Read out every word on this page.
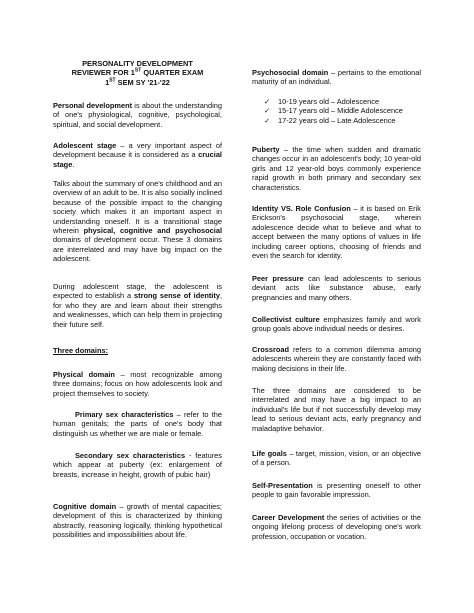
PERSONALITY DEVELOPMENT
REVIEWER FOR 1ST QUARTER EXAM
1ST SEM SY '21-'22

Personal development is about the understanding of one's physiological, cognitive, psychological, spiritual, and social development.

Adolescent stage – a very important aspect of development because it is considered as a crucial stage.

Talks about the summary of one's childhood and an overview of an adult to be. It is also socially inclined because of the possible impact to the changing society which makes it an important aspect in understanding oneself. It is a transitional stage wherein physical, cognitive and psychosocial domains of development occur. These 3 domains are interrelated and may have big impact on the adolescent.

During adolescent stage, the adolescent is expected to establish a strong sense of identity, for who they are and learn about their strengths and weaknesses, which can help them in projecting their future self.

Three domains:

Physical domain – most recognizable among three domains; focus on how adolescents look and project themselves to society.

Primary sex characteristics – refer to the human genitals; the parts of one's body that distinguish us whether we are male or female.

Secondary sex characteristics - features which appear at puberty (ex: enlargement of breasts, increase in height, growth of pubic hair)

Cognitive domain – growth of mental capacities; development of this is characterized by thinking abstractly, reasoning logically, thinking hypothetical possibilities and impossibilities about life.

Psychosocial domain – pertains to the emotional maturity of an individual.

✓ 10-19 years old – Adolescence
✓ 15-17 years old – Middle Adolescence
✓ 17-22 years old – Late Adolescence

Puberty – the time when sudden and dramatic changes occur in an adolescent's body; 10 year-old girls and 12 year-old boys commonly experience rapid growth in both primary and secondary sex characteristics.

Identity VS. Role Confusion – it is based on Erik Erickson's psychosocial stage, wherein adolescence decide what to believe and what to accept between the many options of values in life including career options, choosing of friends and even the search for identity.

Peer pressure can lead adolescents to serious deviant acts like substance abuse, early pregnancies and many others.

Collectivist culture emphasizes family and work group goals above individual needs or desires.

Crossroad refers to a common dilemma among adolescents wherein they are constantly faced with making decisions in their life.

The three domains are considered to be interrelated and may have a big impact to an individual's life but if not successfully develop may lead to serious deviant acts, early pregnancy and maladaptive behavior.

Life goals – target, mission, vision, or an objective of a person.

Self-Presentation is presenting oneself to other people to gain favorable impression.

Career Development the series of activities or the ongoing lifelong process of developing one's work profession, occupation or vocation.
